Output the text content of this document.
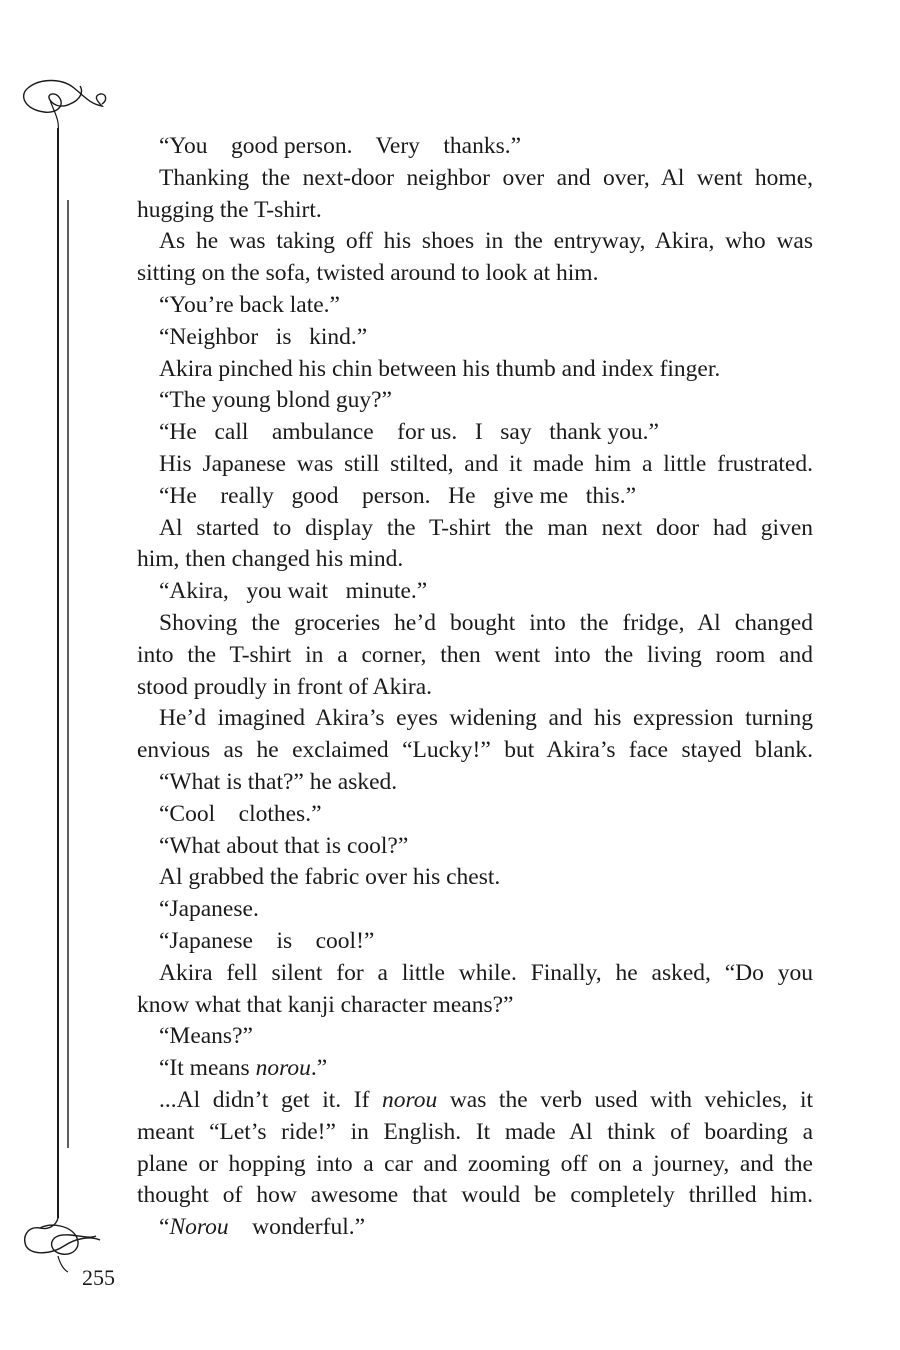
“You    good person.    Very    thanks.”
Thanking the next-door neighbor over and over, Al went home,
hugging the T-shirt.
As he was taking off his shoes in the entryway, Akira, who was
sitting on the sofa, twisted around to look at him.
“You’re back late.”
“Neighbor   is   kind.”
Akira pinched his chin between his thumb and index finger.
“The young blond guy?”
“He   call    ambulance    for us.   I   say   thank you.”
His Japanese was still stilted, and it made him a little frustrated.
“He    really   good    person.   He   give me   this.”
Al started to display the T-shirt the man next door had given
him, then changed his mind.
“Akira,   you wait   minute.”
Shoving the groceries he’d bought into the fridge, Al changed
into the T-shirt in a corner, then went into the living room and
stood proudly in front of Akira.
He’d imagined Akira’s eyes widening and his expression turning
envious as he exclaimed “Lucky!” but Akira’s face stayed blank.
“What is that?” he asked.
“Cool    clothes.”
“What about that is cool?”
Al grabbed the fabric over his chest.
“Japanese.
“Japanese    is    cool!”
Akira fell silent for a little while. Finally, he asked, “Do you
know what that kanji character means?”
“Means?”
“It means norou.”
...Al didn’t get it. If norou was the verb used with vehicles, it
meant “Let’s ride!” in English. It made Al think of boarding a
plane or hopping into a car and zooming off on a journey, and the
thought of how awesome that would be completely thrilled him.
“Norou    wonderful.”
255
